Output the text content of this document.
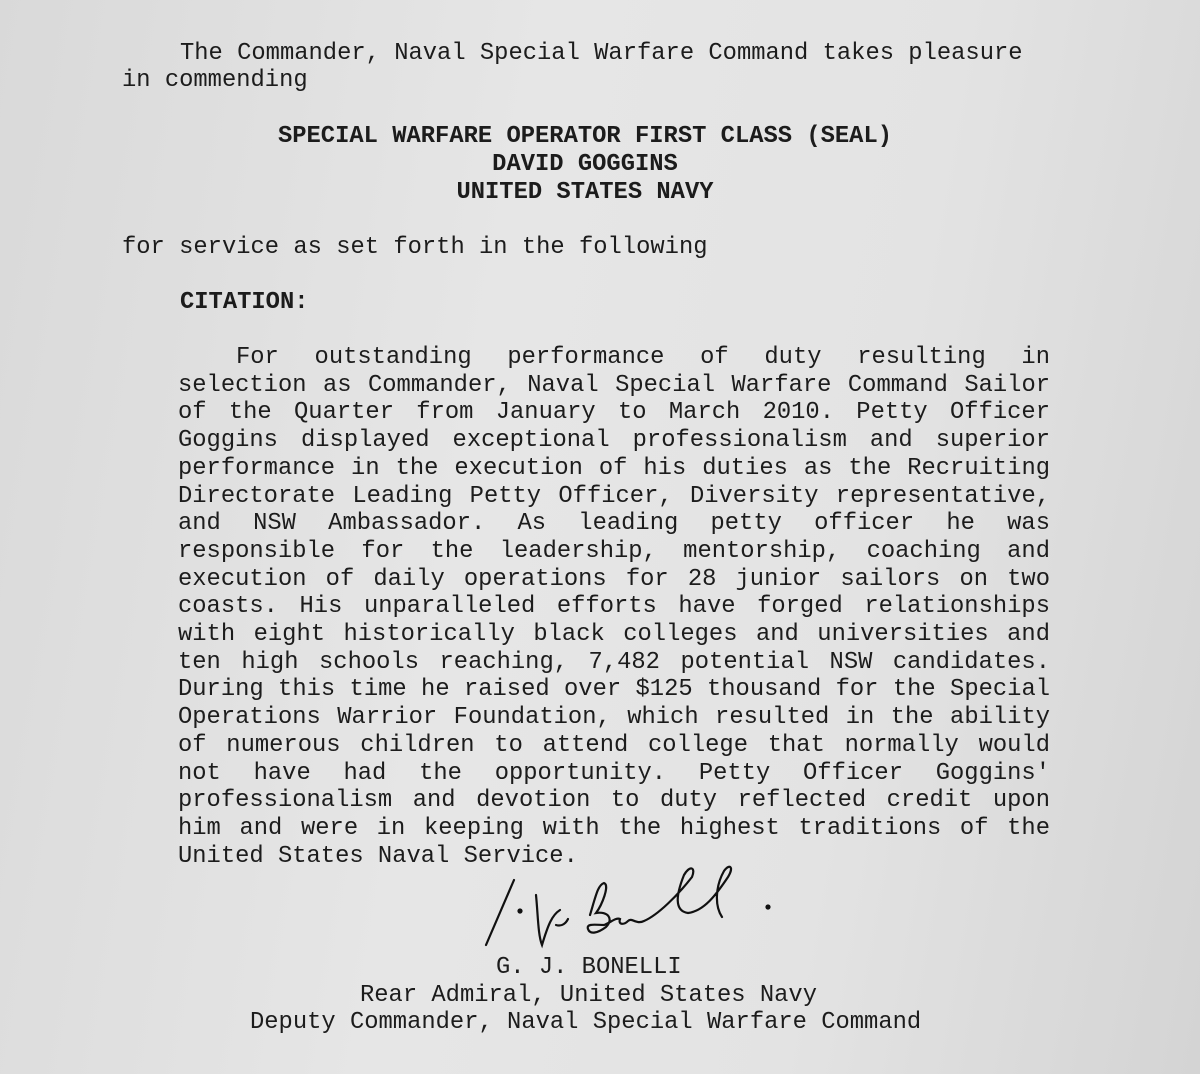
The Commander, Naval Special Warfare Command takes pleasure
in commending
SPECIAL WARFARE OPERATOR FIRST CLASS (SEAL)
DAVID GOGGINS
UNITED STATES NAVY
for service as set forth in the following
CITATION:
For outstanding performance of duty resulting in
selection as Commander, Naval Special Warfare Command Sailor
of the Quarter from January to March 2010. Petty Officer
Goggins displayed exceptional professionalism and superior
performance in the execution of his duties as the Recruiting
Directorate Leading Petty Officer, Diversity representative,
and NSW Ambassador. As leading petty officer he was
responsible for the leadership, mentorship, coaching and
execution of daily operations for 28 junior sailors on two
coasts. His unparalleled efforts have forged relationships
with eight historically black colleges and universities and
ten high schools reaching, 7,482 potential NSW candidates.
During this time he raised over $125 thousand for the Special
Operations Warrior Foundation, which resulted in the ability
of numerous children to attend college that normally would
not have had the opportunity. Petty Officer Goggins'
professionalism and devotion to duty reflected credit upon
him and were in keeping with the highest traditions of the
United States Naval Service.
G. J. BONELLI
Rear Admiral, United States Navy
Deputy Commander, Naval Special Warfare Command
